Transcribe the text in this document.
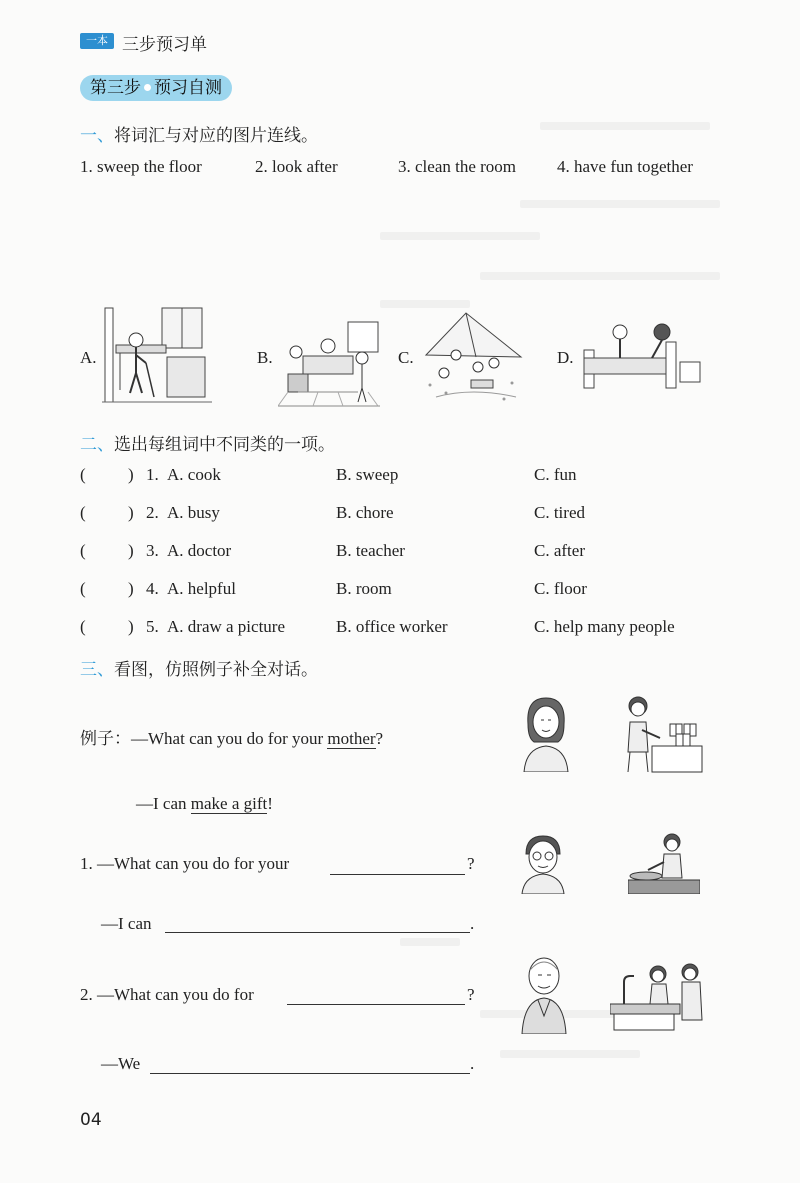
一本 三步预习单
第三步 预习自测
一、将词汇与对应的图片连线。
1. sweep the floor	2. look after	3. clean the room 4. have fun together
A.	B.	C.	D.
二、选出每组词中不同类的一项。
( ) 1. A. cook	B. sweep	C. fun
( ) 2. A. busy	B. chore	C. tired
( ) 3. A. doctor	B. teacher	C. after
( ) 4. A. helpful	B. room	C. floor
( ) 5. A. draw a picture	B. office worker	C. help many people
三、看图，仿照例子补全对话。
例子：—What can you do for your mother?
—I can make a gift!
1. —What can you do for your	?
—I can	.
2. —What can you do for	?
—We	.
04
